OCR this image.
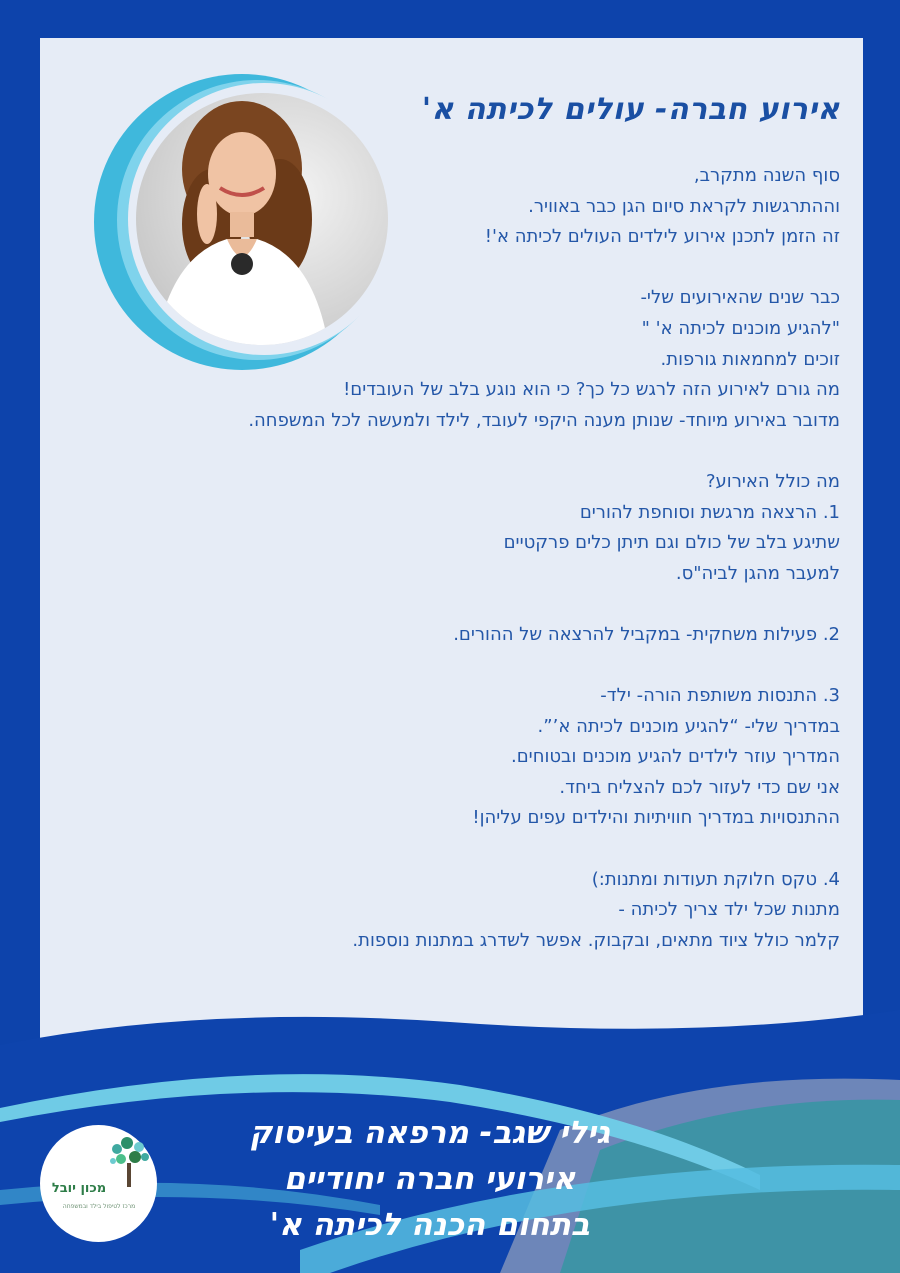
אירוע חברה- עולים לכיתה א'
סוף השנה מתקרב,
וההתרגשות לקראת סיום הגן כבר באוויר.
זה הזמן לתכנן אירוע לילדים העולים לכיתה א'!
כבר שנים שהאירועים שלי-
"להגיע מוכנים לכיתה א' "
זוכים למחמאות גורפות.
מה גורם לאירוע הזה לרגש כל כך? כי הוא נוגע בלב של העובדים!
מדובר באירוע מיוחד- שנותן מענה היקפי לעובד, לילד ולמעשה לכל המשפחה.
מה כולל האירוע?
1. הרצאה מרגשת וסוחפת להורים
שתיגע בלב של כולם וגם תיתן כלים פרקטיים
למעבר מהגן לביה"ס.
2. פעילות משחקית- במקביל להרצאה של ההורים.
3. התנסות משותפת הורה- ילד-
במדריך שלי- “להגיע מוכנים לכיתה א’”.
המדריך עוזר לילדים להגיע מוכנים ובטוחים.
אני שם כדי לעזור לכם להצליח ביחד.
ההתנסויות במדריך חוויתיות והילדים עפים עליהן!
4. טקס חלוקת תעודות ומתנות:)
מתנות שכל ילד צריך לכיתה -
קלמר כולל ציוד מתאים, ובקבוק. אפשר לשדרג במתנות נוספות.
גילי שגב- מרפאה בעיסוק
אירועי חברה יחודיים
בתחום הכנה לכיתה א'
מכון יובל
מרכז לטיפול בילד ובמשפחה
